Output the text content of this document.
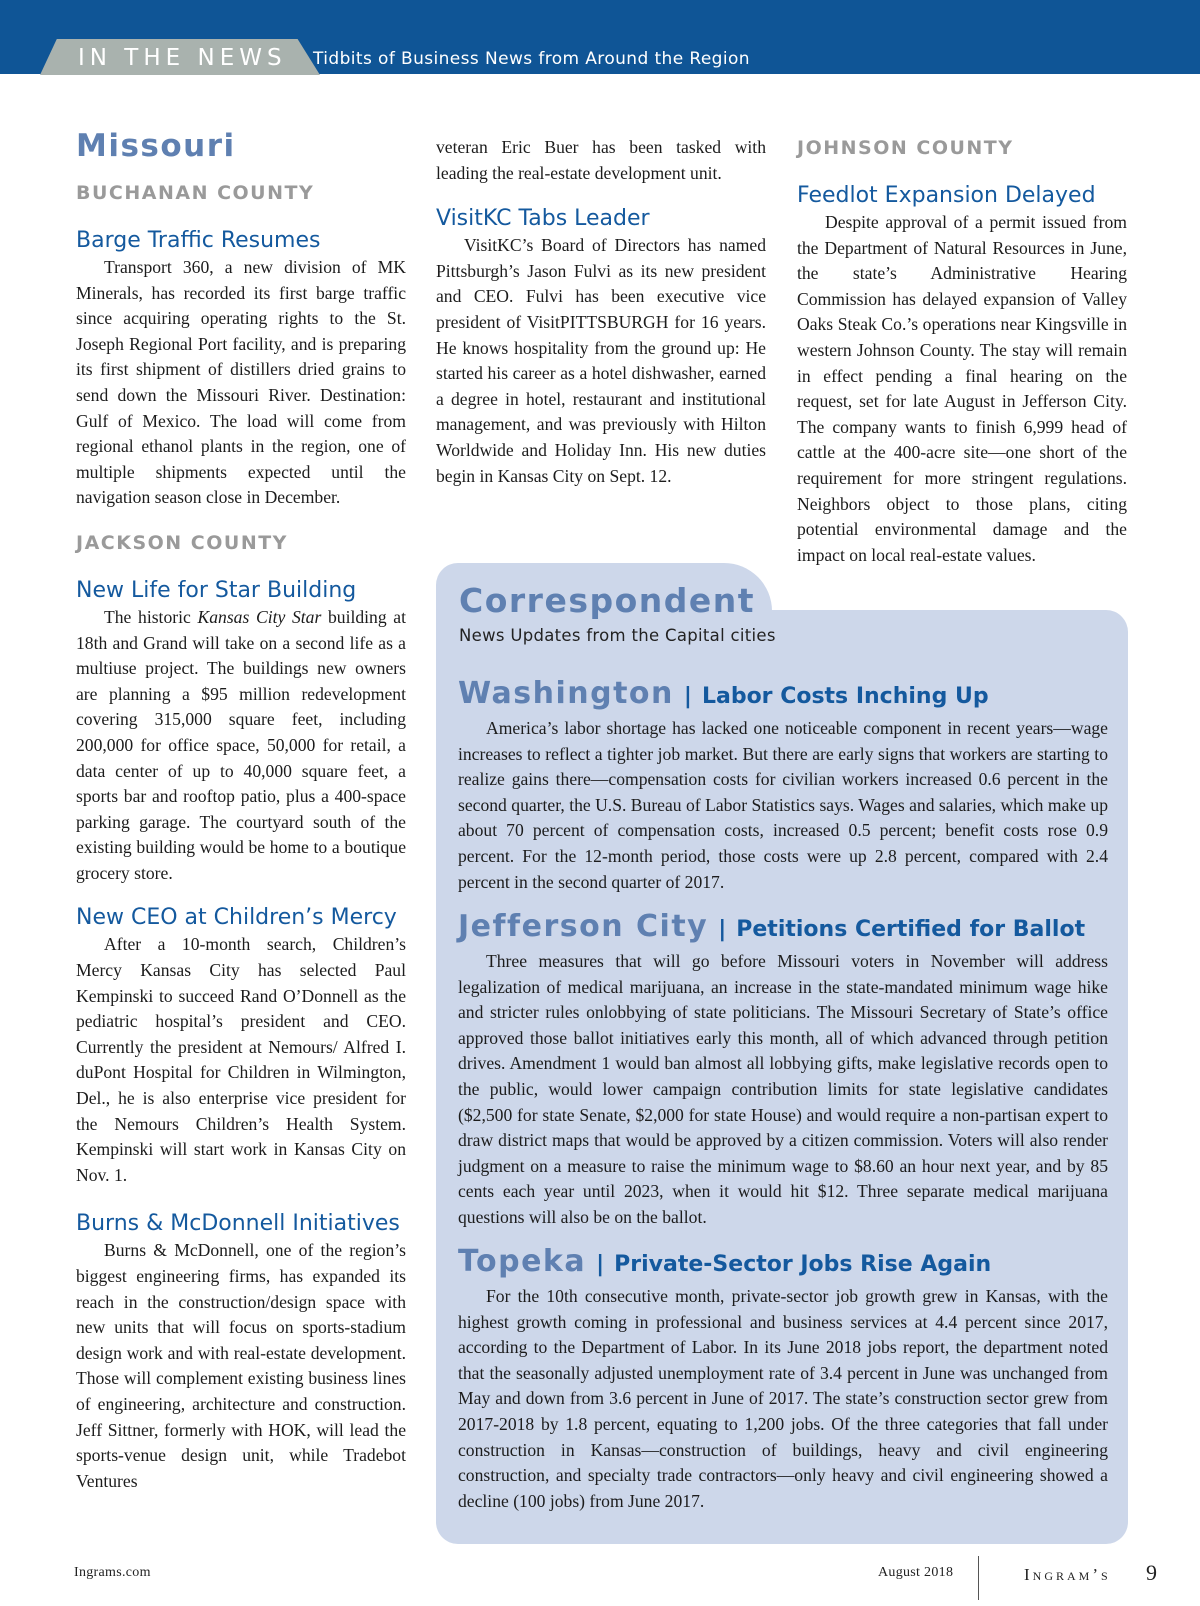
IN THE NEWS Tidbits of Business News from Around the Region
Missouri
BUCHANAN COUNTY
Barge Traffic Resumes

Transport 360, a new division of MK Minerals, has recorded its first barge traffic since acquiring operating rights to the St. Joseph Regional Port facility, and is preparing its first shipment of distillers dried grains to send down the Missouri River. Destination: Gulf of Mexico. The load will come from regional ethanol plants in the region, one of multiple shipments expected until the navigation season close in December.

JACKSON COUNTY
New Life for Star Building

The historic Kansas City Star building at 18th and Grand will take on a second life as a multiuse project. The buildings new owners are planning a $95 million redevelopment covering 315,000 square feet, including 200,000 for office space, 50,000 for retail, a data center of up to 40,000 square feet, a sports bar and rooftop patio, plus a 400-space parking garage. The courtyard south of the existing building would be home to a boutique grocery store.

New CEO at Children’s Mercy

After a 10-month search, Children’s Mercy Kansas City has selected Paul Kempinski to succeed Rand O’Donnell as the pediatric hospital’s president and CEO. Currently the president at Nemours/ Alfred I. duPont Hospital for Children in Wilmington, Del., he is also enterprise vice president for the Nemours Children’s Health System. Kempinski will start work in Kansas City on Nov. 1.

Burns & McDonnell Initiatives

Burns & McDonnell, one of the region’s biggest engineering firms, has expanded its reach in the construction/design space with new units that will focus on sports-stadium design work and with real-estate development. Those will complement existing business lines of engineering, architecture and construction. Jeff Sittner, formerly with HOK, will lead the sports-venue design unit, while Tradebot Ventures

veteran Eric Buer has been tasked with leading the real-estate development unit.

VisitKC Tabs Leader

VisitKC’s Board of Directors has named Pittsburgh’s Jason Fulvi as its new president and CEO. Fulvi has been executive vice president of VisitPITTSBURGH for 16 years. He knows hospitality from the ground up: He started his career as a hotel dishwasher, earned a degree in hotel, restaurant and institutional management, and was previously with Hilton Worldwide and Holiday Inn. His new duties begin in Kansas City on Sept. 12.

JOHNSON COUNTY
Feedlot Expansion Delayed

Despite approval of a permit issued from the Department of Natural Resources in June, the state’s Administrative Hearing Commission has delayed expansion of Valley Oaks Steak Co.’s operations near Kingsville in western Johnson County. The stay will remain in effect pending a final hearing on the request, set for late August in Jefferson City. The company wants to finish 6,999 head of cattle at the 400-acre site—one short of the requirement for more stringent regulations. Neighbors object to those plans, citing potential environmental damage and the impact on local real-estate values.

Correspondent

News Updates from the Capital cities

Washington | Labor Costs Inching Up

America’s labor shortage has lacked one noticeable component in recent years—wage increases to reflect a tighter job market. But there are early signs that workers are starting to realize gains there—compensation costs for civilian workers increased 0.6 percent in the second quarter, the U.S. Bureau of Labor Statistics says. Wages and salaries, which make up about 70 percent of compensation costs, increased 0.5 percent; benefit costs rose 0.9 percent. For the 12-month period, those costs were up 2.8 percent, compared with 2.4 percent in the second quarter of 2017.

Jefferson City | Petitions Certified for Ballot

Three measures that will go before Missouri voters in November will address legalization of medical marijuana, an increase in the state-mandated minimum wage hike and stricter rules onlobbying of state politicians. The Missouri Secretary of State’s office approved those ballot initiatives early this month, all of which advanced through petition drives. Amendment 1 would ban almost all lobbying gifts, make legislative records open to the public, would lower campaign contribution limits for state legislative candidates ($2,500 for state Senate, $2,000 for state House) and would require a non-partisan expert to draw district maps that would be approved by a citizen commission. Voters will also render judgment on a measure to raise the minimum wage to $8.60 an hour next year, and by 85 cents each year until 2023, when it would hit $12. Three separate medical marijuana questions will also be on the ballot.

Topeka | Private-Sector Jobs Rise Again

For the 10th consecutive month, private-sector job growth grew in Kansas, with the highest growth coming in professional and business services at 4.4 percent since 2017, according to the Department of Labor. In its June 2018 jobs report, the department noted that the seasonally adjusted unemployment rate of 3.4 percent in June was unchanged from May and down from 3.6 percent in June of 2017. The state’s construction sector grew from 2017-2018 by 1.8 percent, equating to 1,200 jobs. Of the three categories that fall under construction in Kansas—construction of buildings, heavy and civil engineering construction, and specialty trade contractors—only heavy and civil engineering showed a decline (100 jobs) from June 2017.

Ingrams.com	August 2018	Ingram’s 9
